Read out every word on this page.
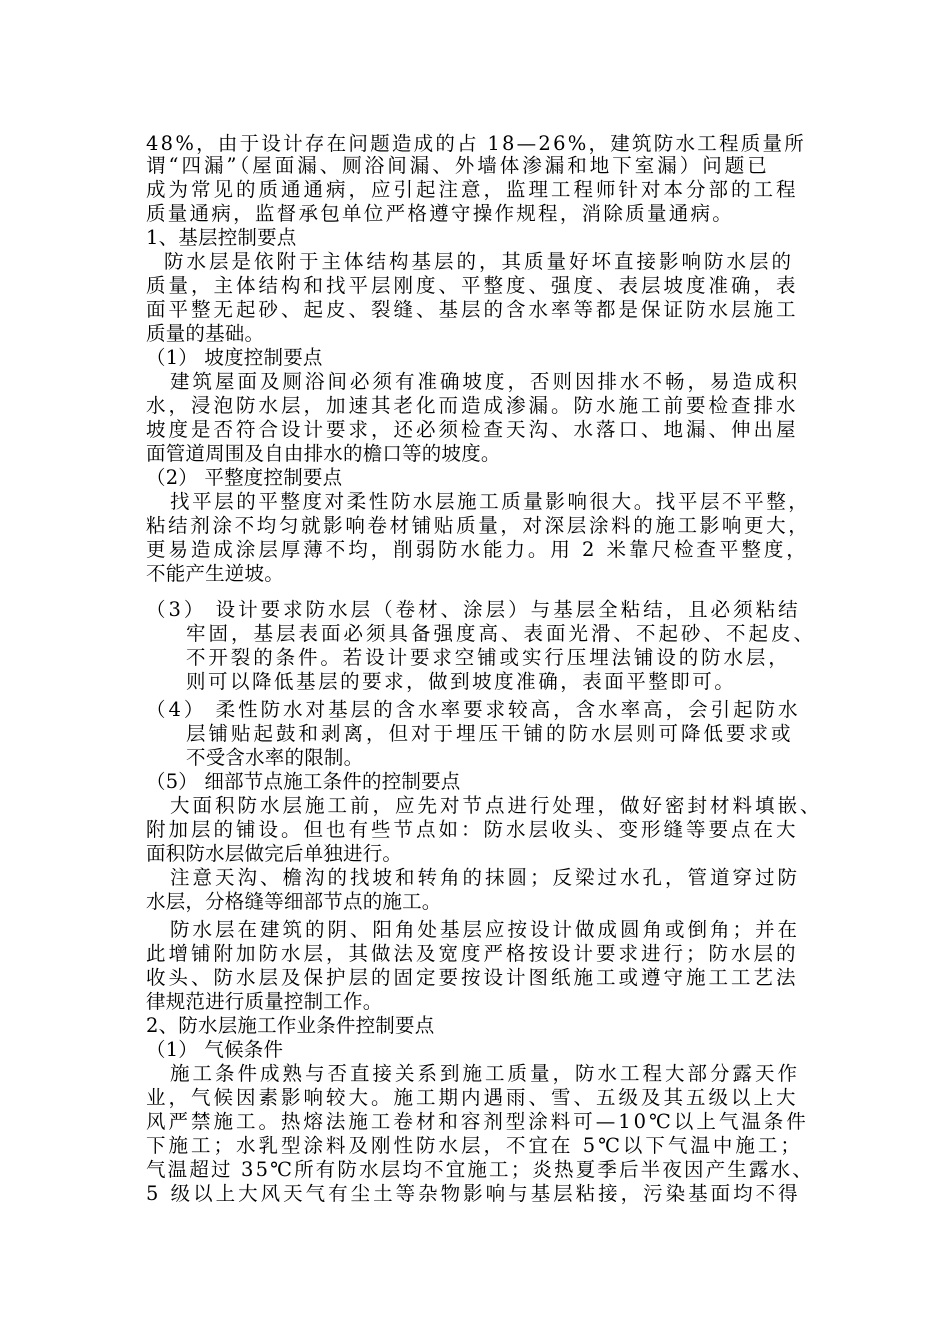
48%，由于设计存在问题造成的占 18—26%，建筑防水工程质量所
谓“四漏”（屋面漏、厕浴间漏、外墙体渗漏和地下室漏）问题已
成为常见的质通通病，应引起注意，监理工程师针对本分部的工程
质量通病，监督承包单位严格遵守操作规程，消除质量通病。
1、基层控制要点
防水层是依附于主体结构基层的，其质量好坏直接影响防水层的
质量，主体结构和找平层刚度、平整度、强度、表层坡度准确，表
面平整无起砂、起皮、裂缝、基层的含水率等都是保证防水层施工
质量的基础。
（1） 坡度控制要点
建筑屋面及厕浴间必须有准确坡度，否则因排水不畅，易造成积
水，浸泡防水层，加速其老化而造成渗漏。防水施工前要检查排水
坡度是否符合设计要求，还必须检查天沟、水落口、地漏、伸出屋
面管道周围及自由排水的檐口等的坡度。
（2） 平整度控制要点
找平层的平整度对柔性防水层施工质量影响很大。找平层不平整，
粘结剂涂不均匀就影响卷材铺贴质量，对深层涂料的施工影响更大，
更易造成涂层厚薄不均，削弱防水能力。用 2 米靠尺检查平整度，
不能产生逆坡。
（3） 设计要求防水层（卷材、涂层）与基层全粘结，且必须粘结
牢固，基层表面必须具备强度高、表面光滑、不起砂、不起皮、
不开裂的条件。若设计要求空铺或实行压埋法铺设的防水层，
则可以降低基层的要求，做到坡度准确，表面平整即可。
（4） 柔性防水对基层的含水率要求较高，含水率高，会引起防水
层铺贴起鼓和剥离，但对于埋压干铺的防水层则可降低要求或
不受含水率的限制。
（5） 细部节点施工条件的控制要点
大面积防水层施工前，应先对节点进行处理，做好密封材料填嵌、
附加层的铺设。但也有些节点如：防水层收头、变形缝等要点在大
面积防水层做完后单独进行。
注意天沟、檐沟的找坡和转角的抹圆；反梁过水孔，管道穿过防
水层，分格缝等细部节点的施工。
防水层在建筑的阴、阳角处基层应按设计做成圆角或倒角；并在
此增铺附加防水层，其做法及宽度严格按设计要求进行；防水层的
收头、防水层及保护层的固定要按设计图纸施工或遵守施工工艺法
律规范进行质量控制工作。
2、防水层施工作业条件控制要点
（1） 气候条件
施工条件成熟与否直接关系到施工质量，防水工程大部分露天作
业，气候因素影响较大。施工期内遇雨、雪、五级及其五级以上大
风严禁施工。热熔法施工卷材和容剂型涂料可—10℃以上气温条件
下施工；水乳型涂料及刚性防水层，不宜在 5℃以下气温中施工；
气温超过 35℃所有防水层均不宜施工；炎热夏季后半夜因产生露水、
5 级以上大风天气有尘土等杂物影响与基层粘接，污染基面均不得
